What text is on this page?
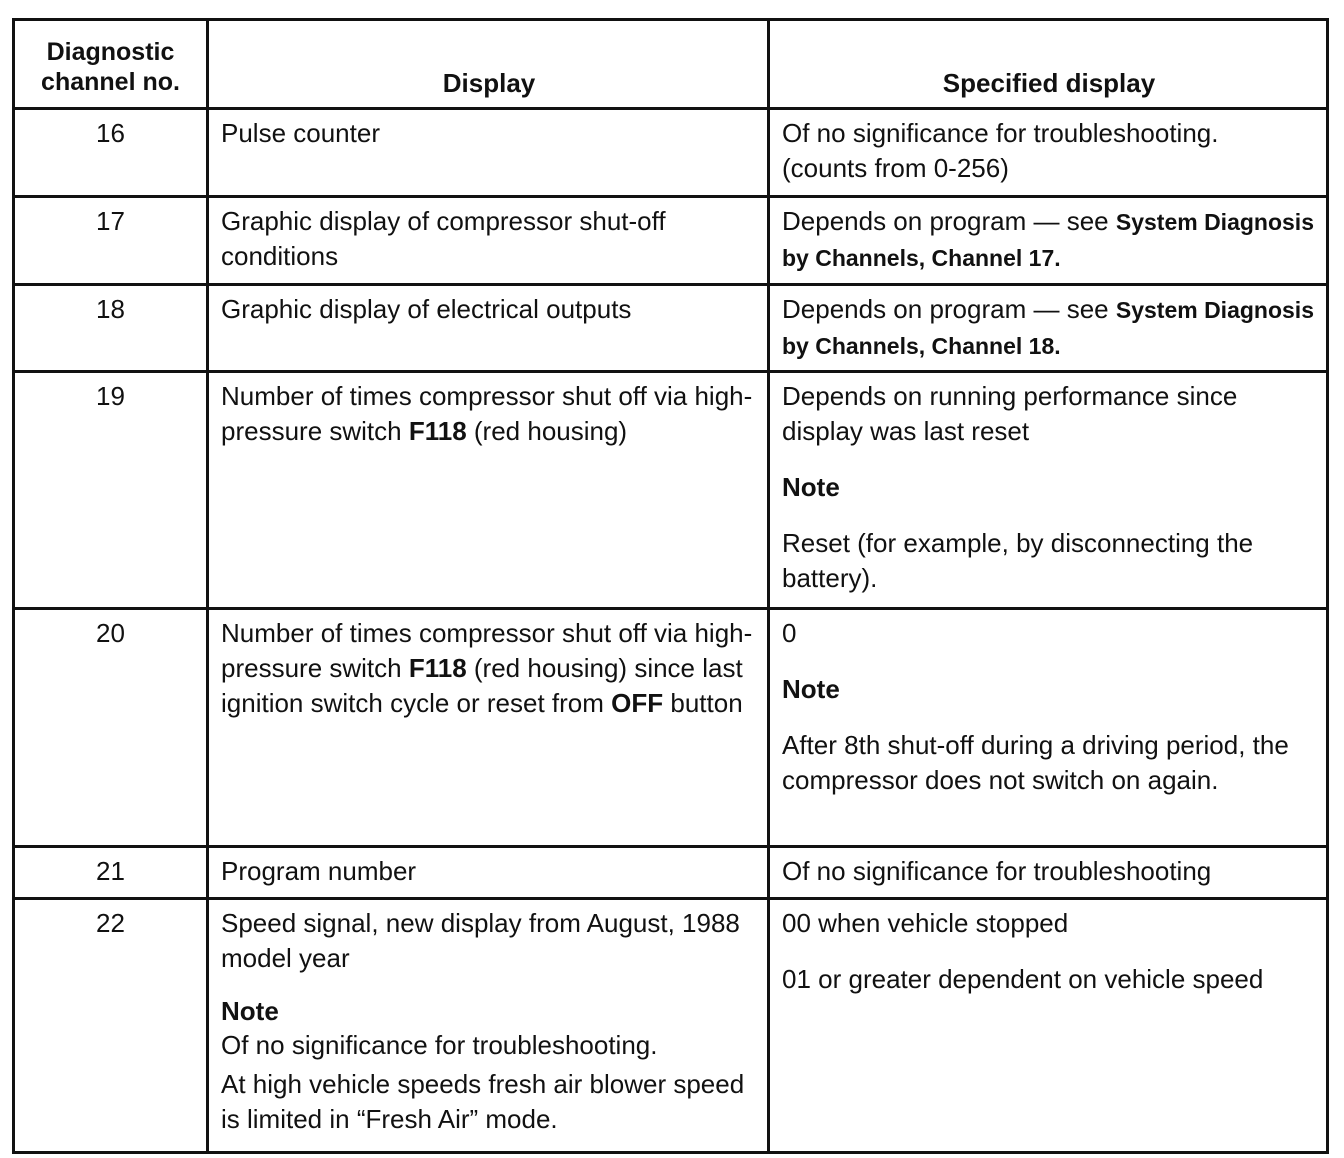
Diagnostic
channel no.	Display	Specified display
16	Pulse counter	Of no significance for troubleshooting.
(counts from 0-256)

17	Graphic display of compressor shut-off conditions	Depends on program — see System Diagnosis by Channels, Channel 17.
18	Graphic display of electrical outputs	Depends on program — see System Diagnosis by Channels, Channel 18.
19	Number of times compressor shut off via high-pressure switch F118 (red housing)	Depends on running performance since display was last reset
Note
Reset (for example, by disconnecting the battery).

20	Number of times compressor shut off via high-pressure switch F118 (red housing) since last ignition switch cycle or reset from OFF button	0
Note
After 8th shut-off during a driving period, the compressor does not switch on again.

21	Program number	Of no significance for troubleshooting
22	Speed signal, new display from August, 1988 model year
Note
Of no significance for troubleshooting.
At high vehicle speeds fresh air blower speed is limited in “Fresh Air” mode.	00 when vehicle stopped
01 or greater dependent on vehicle speed
